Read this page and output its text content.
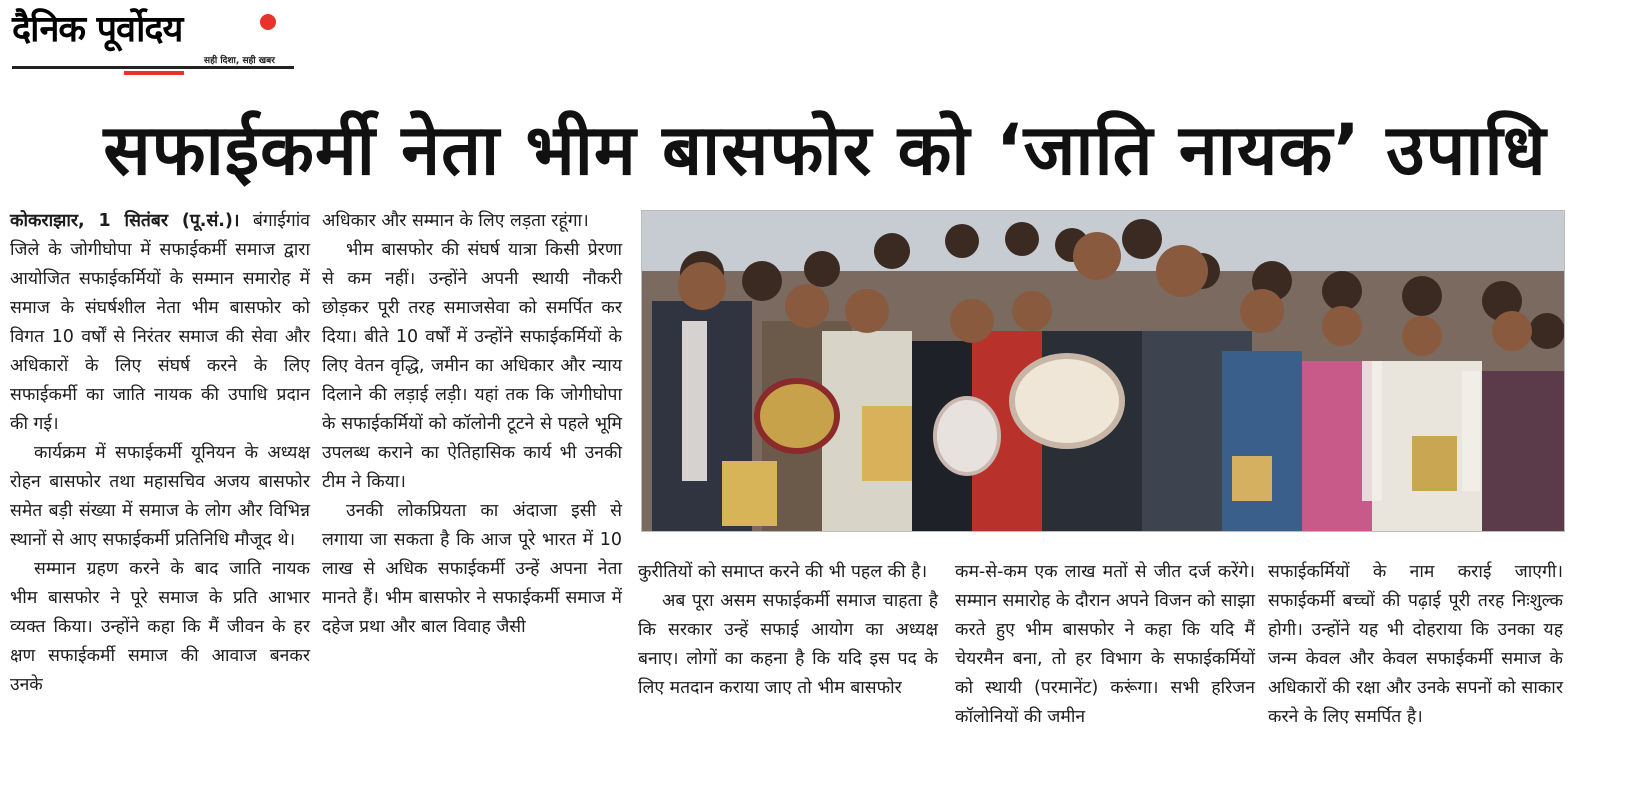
दैनिक पूर्वोदय
सही दिशा, सही खबर
सफाईकर्मी नेता भीम बासफोर को ‘जाति नायक’ उपाधि

कोकराझार, 1 सितंबर (पू.सं.)। बंगाईगांव जिले के जोगीघोपा में सफाईकर्मी समाज द्वारा आयोजित सफाईकर्मियों के सम्मान समारोह में समाज के संघर्षशील नेता भीम बासफोर को विगत 10 वर्षों से निरंतर समाज की सेवा और अधिकारों के लिए संघर्ष करने के लिए सफाईकर्मी का जाति नायक की उपाधि प्रदान की गई।

कार्यक्रम में सफाईकर्मी यूनियन के अध्यक्ष रोहन बासफोर तथा महासचिव अजय बासफोर समेत बड़ी संख्या में समाज के लोग और विभिन्न स्थानों से आए सफाईकर्मी प्रतिनिधि मौजूद थे।

सम्मान ग्रहण करने के बाद जाति नायक भीम बासफोर ने पूरे समाज के प्रति आभार व्यक्त किया। उन्होंने कहा कि मैं जीवन के हर क्षण सफाईकर्मी समाज की आवाज बनकर उनके

अधिकार और सम्मान के लिए लड़ता रहूंगा।

भीम बासफोर की संघर्ष यात्रा किसी प्रेरणा से कम नहीं। उन्होंने अपनी स्थायी नौकरी छोड़कर पूरी तरह समाजसेवा को समर्पित कर दिया। बीते 10 वर्षों में उन्होंने सफाईकर्मियों के लिए वेतन वृद्धि, जमीन का अधिकार और न्याय दिलाने की लड़ाई लड़ी। यहां तक कि जोगीघोपा के सफाईकर्मियों को कॉलोनी टूटने से पहले भूमि उपलब्ध कराने का ऐतिहासिक कार्य भी उनकी टीम ने किया।

उनकी लोकप्रियता का अंदाजा इसी से लगाया जा सकता है कि आज पूरे भारत में 10 लाख से अधिक सफाईकर्मी उन्हें अपना नेता मानते हैं। भीम बासफोर ने सफाईकर्मी समाज में दहेज प्रथा और बाल विवाह जैसी

कुरीतियों को समाप्त करने की भी पहल की है।

अब पूरा असम सफाईकर्मी समाज चाहता है कि सरकार उन्हें सफाई आयोग का अध्यक्ष बनाए। लोगों का कहना है कि यदि इस पद के लिए मतदान कराया जाए तो भीम बासफोर

कम-से-कम एक लाख मतों से जीत दर्ज करेंगे। सम्मान समारोह के दौरान अपने विजन को साझा करते हुए भीम बासफोर ने कहा कि यदि मैं चेयरमैन बना, तो हर विभाग के सफाईकर्मियों को स्थायी (परमानेंट) करूंगा। सभी हरिजन कॉलोनियों की जमीन

सफाईकर्मियों के नाम कराई जाएगी। सफाईकर्मी बच्चों की पढ़ाई पूरी तरह निःशुल्क होगी। उन्होंने यह भी दोहराया कि उनका यह जन्म केवल और केवल सफाईकर्मी समाज के अधिकारों की रक्षा और उनके सपनों को साकार करने के लिए समर्पित है।
